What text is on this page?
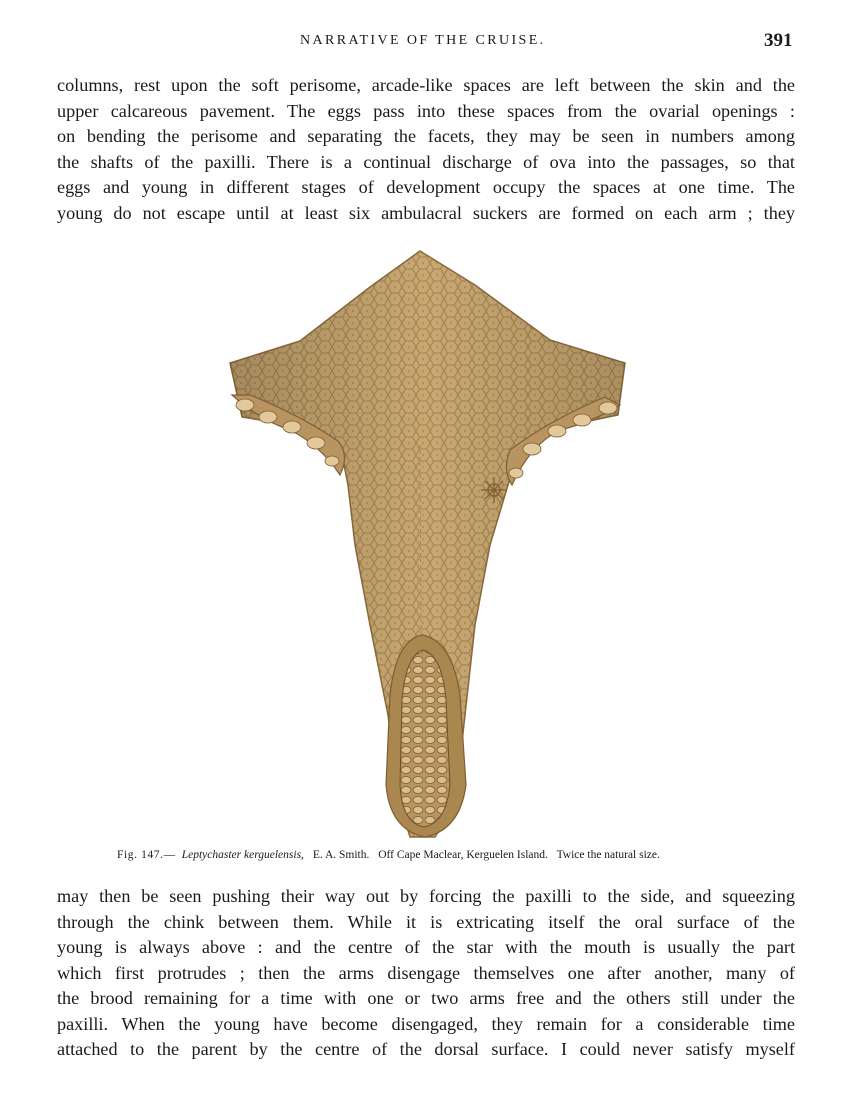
NARRATIVE OF THE CRUISE.	391

columns, rest upon the soft perisome, arcade-like spaces are left between the skin and the
upper calcareous pavement. The eggs pass into these spaces from the ovarial openings :
on bending the perisome and separating the facets, they may be seen in numbers among
the shafts of the paxilli. There is a continual discharge of ova into the passages, so that
eggs and young in different stages of development occupy the spaces at one time. The
young do not escape until at least six ambulacral suckers are formed on each arm ; they

Fig. 147.— Leptychaster kerguelensis, E. A. Smith. Off Cape Maclear, Kerguelen Island. Twice the natural size.

may then be seen pushing their way out by forcing the paxilli to the side, and squeezing
through the chink between them. While it is extricating itself the oral surface of the
young is always above : and the centre of the star with the mouth is usually the part
which first protrudes ; then the arms disengage themselves one after another, many of
the brood remaining for a time with one or two arms free and the others still under the
paxilli. When the young have become disengaged, they remain for a considerable time
attached to the parent by the centre of the dorsal surface. I could never satisfy myself
